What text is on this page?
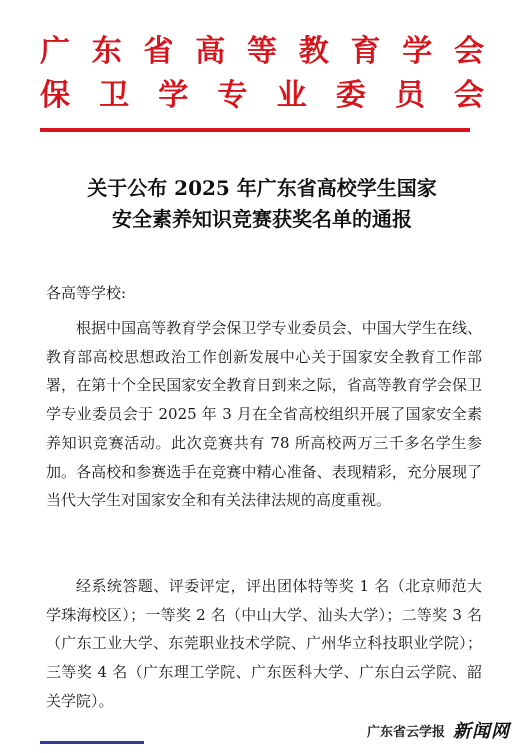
广 东 省 高 等 教 育 学 会
保 卫 学 专 业 委 员 会
关于公布 2025 年广东省高校学生国家
安全素养知识竞赛获奖名单的通报
各高等学校:
根据中国高等教育学会保卫学专业委员会、中国大学生在线、教育部高校思想政治工作创新发展中心关于国家安全教育工作部署，在第十个全民国家安全教育日到来之际，省高等教育学会保卫学专业委员会于 2025 年 3 月在全省高校组织开展了国家安全素养知识竞赛活动。此次竞赛共有 78 所高校两万三千多名学生参加。各高校和参赛选手在竞赛中精心准备、表现精彩，充分展现了当代大学生对国家安全和有关法律法规的高度重视。
经系统答题、评委评定，评出团体特等奖 1 名（北京师范大学珠海校区）；一等奖 2 名（中山大学、汕头大学）；二等奖 3 名（广东工业大学、东莞职业技术学院、广州华立科技职业学院）；三等奖 4 名（广东理工学院、广东医科大学、广东白云学院、韶关学院）。
广东省云学报 新闻网
